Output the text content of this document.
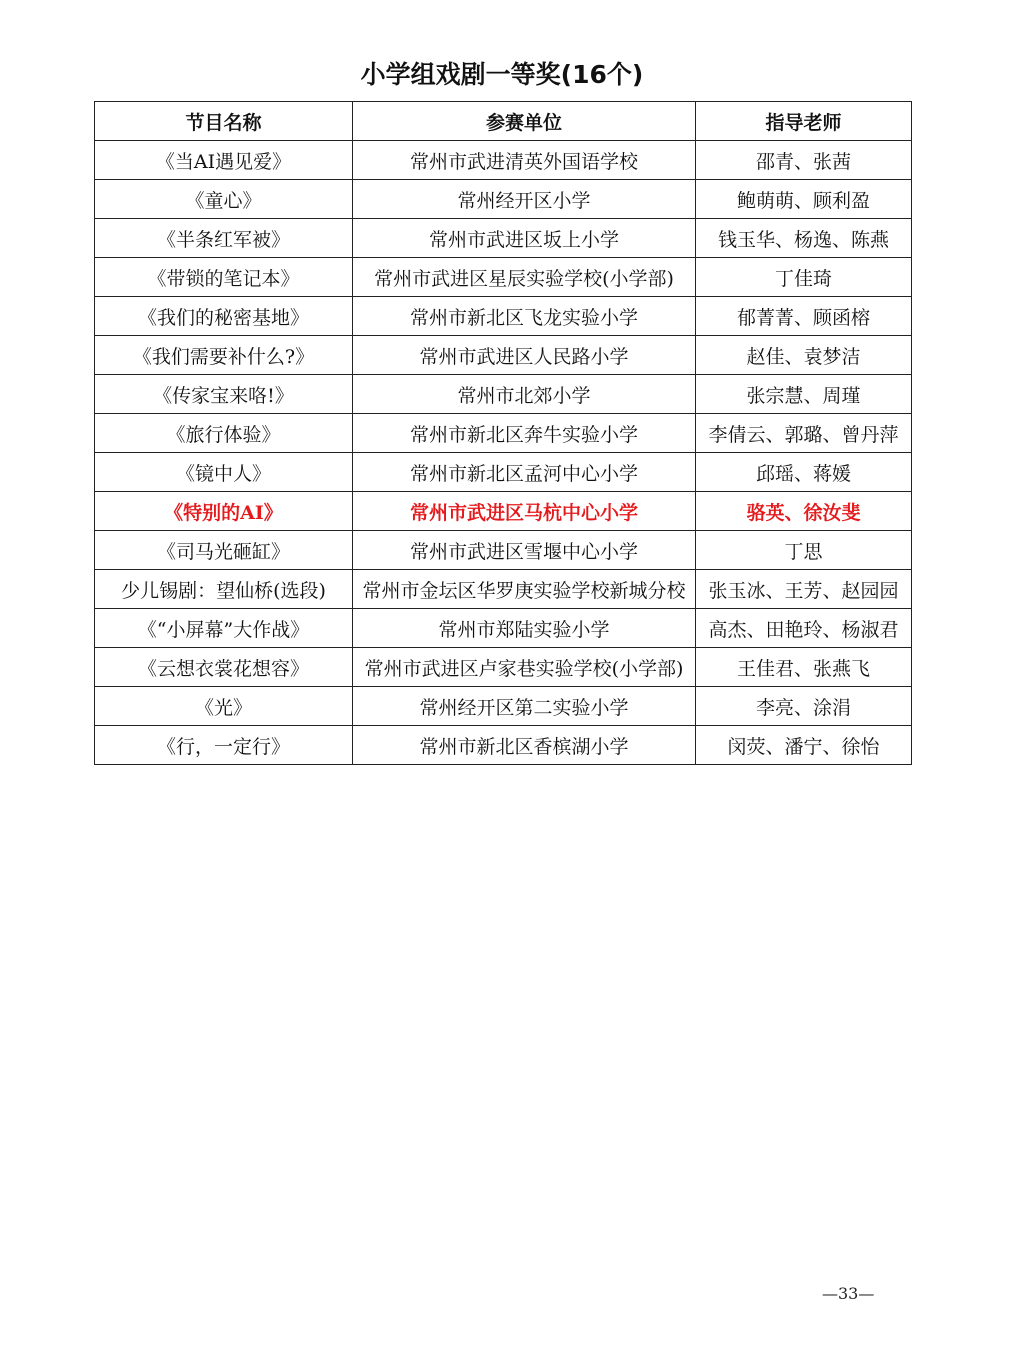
小学组戏剧一等奖(16个)
节目名称	参赛单位	指导老师
《当AI遇见爱》	常州市武进清英外国语学校	邵青、张茜
《童心》	常州经开区小学	鲍萌萌、顾利盈
《半条红军被》	常州市武进区坂上小学	钱玉华、杨逸、陈燕
《带锁的笔记本》	常州市武进区星辰实验学校(小学部)	丁佳琦
《我们的秘密基地》	常州市新北区飞龙实验小学	郁菁菁、顾函榕
《我们需要补什么?》	常州市武进区人民路小学	赵佳、袁梦洁
《传家宝来咯!》	常州市北郊小学	张宗慧、周瑾
《旅行体验》	常州市新北区奔牛实验小学	李倩云、郭璐、曾丹萍
《镜中人》	常州市新北区孟河中心小学	邱瑶、蒋媛
《特别的AI》	常州市武进区马杭中心小学	骆英、徐汝斐
《司马光砸缸》	常州市武进区雪堰中心小学	丁思
少儿锡剧：望仙桥(选段)	常州市金坛区华罗庚实验学校新城分校	张玉冰、王芳、赵园园
《“小屏幕”大作战》	常州市郑陆实验小学	高杰、田艳玲、杨淑君
《云想衣裳花想容》	常州市武进区卢家巷实验学校(小学部)	王佳君、张燕飞
《光》	常州经开区第二实验小学	李亮、涂涓
《行，一定行》	常州市新北区香槟湖小学	闵荧、潘宁、徐怡
—33—
